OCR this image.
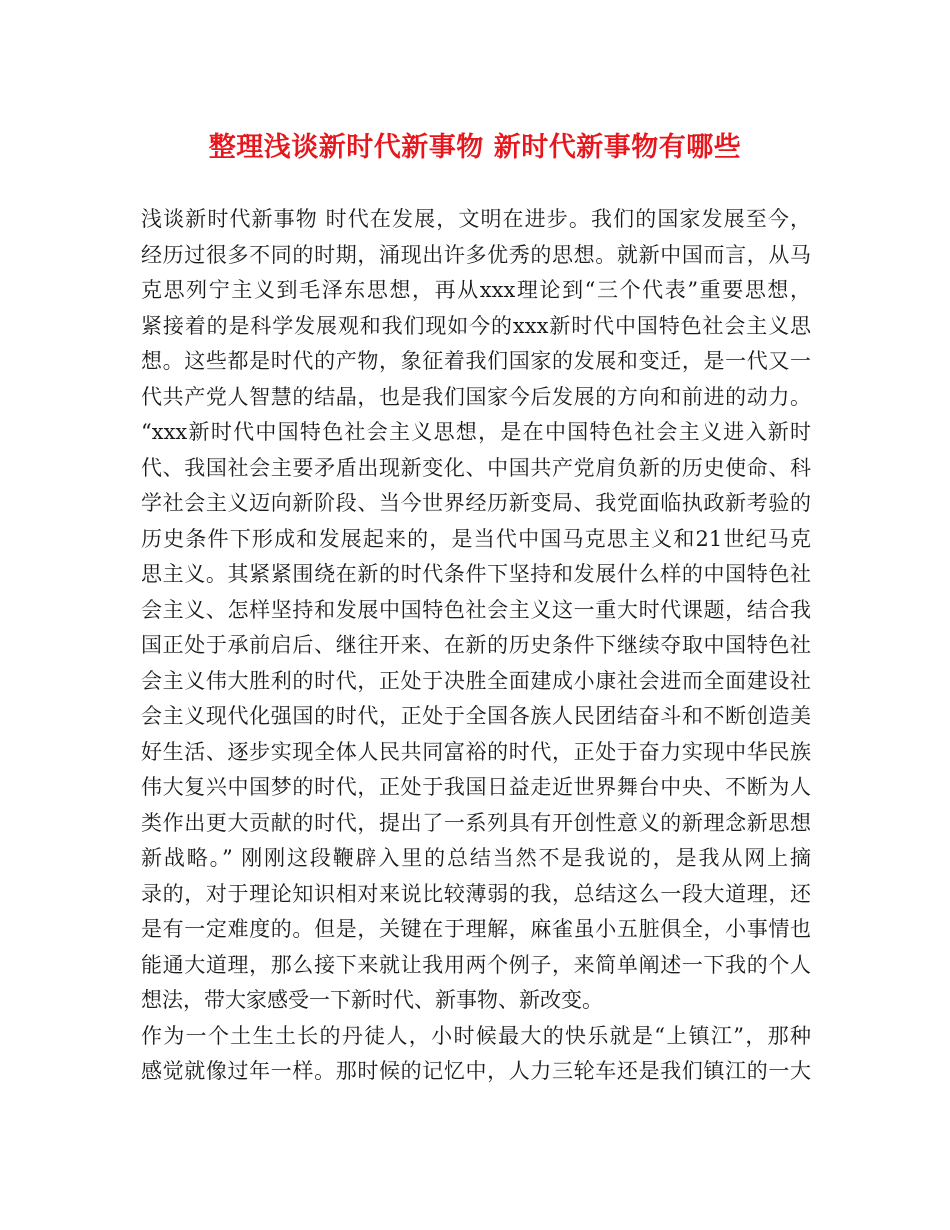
整理浅谈新时代新事物 新时代新事物有哪些
浅谈新时代新事物 时代在发展，文明在进步。我们的国家发展至今，
经历过很多不同的时期，涌现出许多优秀的思想。就新中国而言，从马
克思列宁主义到毛泽东思想，再从xxx理论到“三个代表”重要思想，
紧接着的是科学发展观和我们现如今的xxx新时代中国特色社会主义思
想。这些都是时代的产物，象征着我们国家的发展和变迁，是一代又一
代共产党人智慧的结晶，也是我们国家今后发展的方向和前进的动力。
“xxx新时代中国特色社会主义思想，是在中国特色社会主义进入新时
代、我国社会主要矛盾出现新变化、中国共产党肩负新的历史使命、科
学社会主义迈向新阶段、当今世界经历新变局、我党面临执政新考验的
历史条件下形成和发展起来的，是当代中国马克思主义和21世纪马克
思主义。其紧紧围绕在新的时代条件下坚持和发展什么样的中国特色社
会主义、怎样坚持和发展中国特色社会主义这一重大时代课题，结合我
国正处于承前启后、继往开来、在新的历史条件下继续夺取中国特色社
会主义伟大胜利的时代，正处于决胜全面建成小康社会进而全面建设社
会主义现代化强国的时代，正处于全国各族人民团结奋斗和不断创造美
好生活、逐步实现全体人民共同富裕的时代，正处于奋力实现中华民族
伟大复兴中国梦的时代，正处于我国日益走近世界舞台中央、不断为人
类作出更大贡献的时代，提出了一系列具有开创性意义的新理念新思想
新战略。” 刚刚这段鞭辟入里的总结当然不是我说的，是我从网上摘
录的，对于理论知识相对来说比较薄弱的我，总结这么一段大道理，还
是有一定难度的。但是，关键在于理解，麻雀虽小五脏俱全，小事情也
能通大道理，那么接下来就让我用两个例子，来简单阐述一下我的个人
想法，带大家感受一下新时代、新事物、新改变。
作为一个土生土长的丹徒人，小时候最大的快乐就是“上镇江”，那种
感觉就像过年一样。那时候的记忆中，人力三轮车还是我们镇江的一大
